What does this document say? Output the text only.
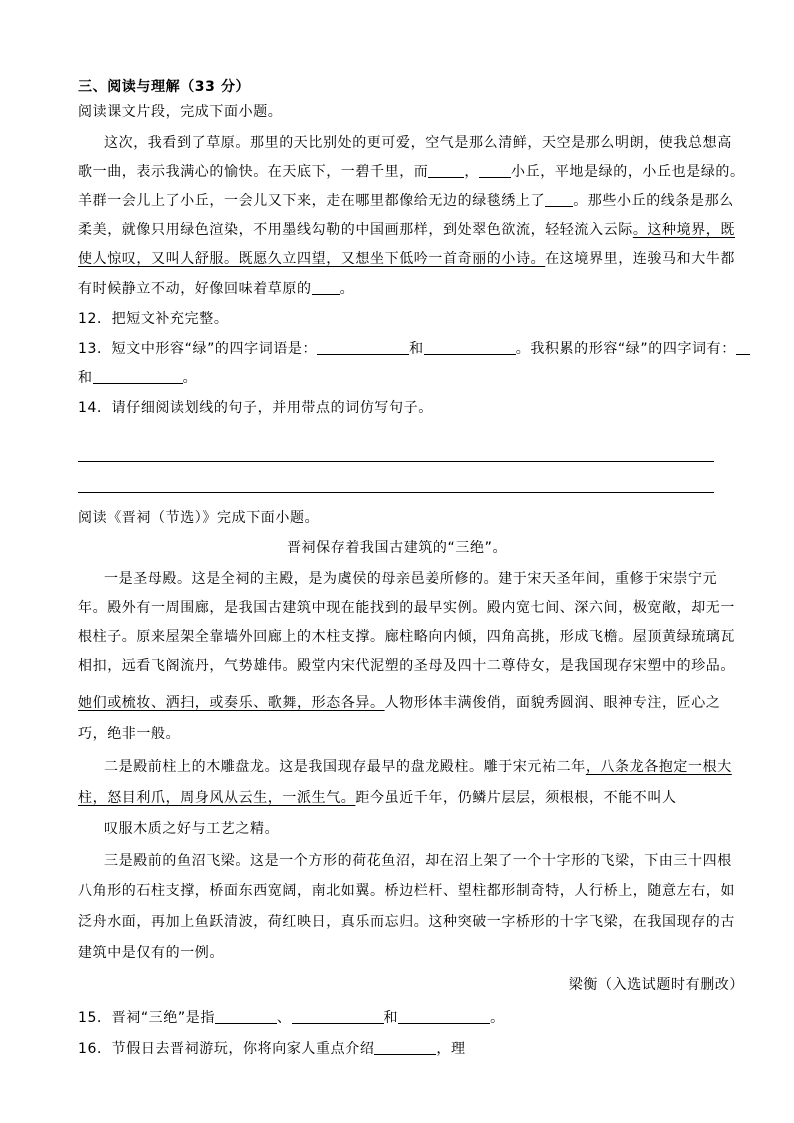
三、阅读与理解（33 分）
阅读课文片段，完成下面小题。
这次，我看到了草原。那里的天比别处的更可爱，空气是那么清鲜，天空是那么明朗，使我总想高
歌一曲，表示我满心的愉快。在天底下，一碧千里，而	， 小丘，平地是绿的，小丘也是绿的。
羊群一会儿上了小丘，一会儿又下来，走在哪里都像给无边的绿毯绣上了 。那些小丘的线条是那么
柔美，就像只用绿色渲染，不用墨线勾勒的中国画那样，到处翠色欲流，轻轻流入云际。这种境界，既
使人惊叹，又叫人舒服。既愿久立四望，又想坐下低吟一首奇丽的小诗。在这境界里，连骏马和大牛都
有时候静立不动，好像回味着草原的 。
12．把短文补充完整。
13．短文中形容“绿”的四字词语是：	和	。我积累的形容“绿”的四字词有：
和	。
14．请仔细阅读划线的句子，并用带点的词仿写句子。
阅读《晋祠（节选）》完成下面小题。
晋祠保存着我国古建筑的“三绝”。
一是圣母殿。这是全祠的主殿，是为虞侯的母亲邑姜所修的。建于宋天圣年间，重修于宋崇宁元
年。殿外有一周围廊，是我国古建筑中现在能找到的最早实例。殿内宽七间、深六间，极宽敞，却无一
根柱子。原来屋架全靠墙外回廊上的木柱支撑。廊柱略向内倾，四角高挑，形成飞檐。屋顶黄绿琉璃瓦
相扣，远看飞阁流丹，气势雄伟。殿堂内宋代泥塑的圣母及四十二尊侍女，是我国现存宋塑中的珍品。
她们或梳妆、洒扫，或奏乐、歌舞，形态各异。人物形体丰满俊俏，面貌秀圆润、眼神专注，匠心之
巧，绝非一般。
二是殿前柱上的木雕盘龙。这是我国现存最早的盘龙殿柱。雕于宋元祐二年，八条龙各抱定一根大
柱，怒目利爪，周身风从云生，一派生气。距今虽近千年，仍鳞片层层，须根根，不能不叫人
叹服木质之好与工艺之精。
三是殿前的鱼沼飞梁。这是一个方形的荷花鱼沼，却在沼上架了一个十字形的飞梁，下由三十四根
八角形的石柱支撑，桥面东西宽阔，南北如翼。桥边栏杆、望柱都形制奇特，人行桥上，随意左右，如
泛舟水面，再加上鱼跃清波，荷红映日，真乐而忘归。这种突破一字桥形的十字飞梁，在我国现存的古
建筑中是仅有的一例。
梁衡（入选试题时有删改）
15．晋祠“三绝”是指	、	和	。
16．节假日去晋祠游玩，你将向家人重点介绍	，理
